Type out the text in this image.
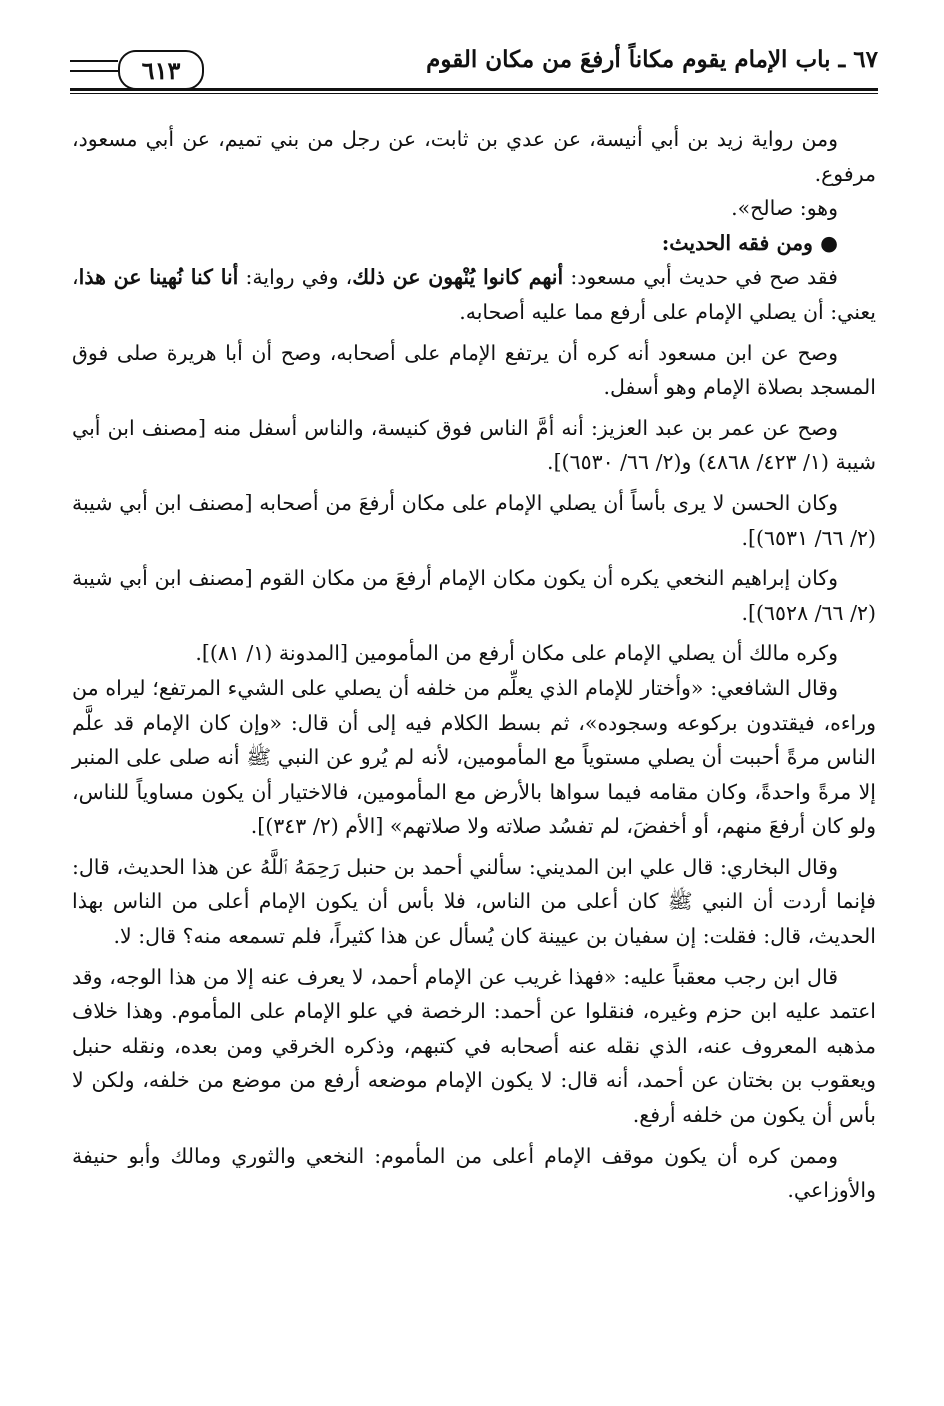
٦٧ ـ باب الإمام يقوم مكاناً أرفعَ من مكان القوم
٦١٣

ومن رواية زيد بن أبي أنيسة، عن عدي بن ثابت، عن رجل من بني تميم، عن أبي مسعود، مرفوع.

وهو: صالح».

● ومن فقه الحديث:

فقد صح في حديث أبي مسعود: أنهم كانوا يُنْهون عن ذلك، وفي رواية: أنا كنا نُهينا عن هذا، يعني: أن يصلي الإمام على أرفع مما عليه أصحابه.

وصح عن ابن مسعود أنه كره أن يرتفع الإمام على أصحابه، وصح أن أبا هريرة صلى فوق المسجد بصلاة الإمام وهو أسفل.

وصح عن عمر بن عبد العزيز: أنه أمَّ الناس فوق كنيسة، والناس أسفل منه [مصنف ابن أبي شيبة (١/ ٤٢٣/ ٤٨٦٨) و(٢/ ٦٦/ ٦٥٣٠)].

وكان الحسن لا يرى بأساً أن يصلي الإمام على مكان أرفعَ من أصحابه [مصنف ابن أبي شيبة (٢/ ٦٦/ ٦٥٣١)].

وكان إبراهيم النخعي يكره أن يكون مكان الإمام أرفعَ من مكان القوم [مصنف ابن أبي شيبة (٢/ ٦٦/ ٦٥٢٨)].

وكره مالك أن يصلي الإمام على مكان أرفع من المأمومين [المدونة (١/ ٨١)].

وقال الشافعي: «وأختار للإمام الذي يعلِّم من خلفه أن يصلي على الشيء المرتفع؛ ليراه من وراءه، فيقتدون بركوعه وسجوده»، ثم بسط الكلام فيه إلى أن قال: «وإن كان الإمام قد علَّم الناس مرةً أحببت أن يصلي مستوياً مع المأمومين، لأنه لم يُرو عن النبي ﷺ أنه صلى على المنبر إلا مرةً واحدةً، وكان مقامه فيما سواها بالأرض مع المأمومين، فالاختيار أن يكون مساوياً للناس، ولو كان أرفعَ منهم، أو أخفضَ، لم تفسُد صلاته ولا صلاتهم» [الأم (٢/ ٣٤٣)].

وقال البخاري: قال علي ابن المديني: سألني أحمد بن حنبل رَحِمَهُ ٱللَّهُ عن هذا الحديث، قال: فإنما أردت أن النبي ﷺ كان أعلى من الناس، فلا بأس أن يكون الإمام أعلى من الناس بهذا الحديث، قال: فقلت: إن سفيان بن عيينة كان يُسأل عن هذا كثيراً، فلم تسمعه منه؟ قال: لا.

قال ابن رجب معقباً عليه: «فهذا غريب عن الإمام أحمد، لا يعرف عنه إلا من هذا الوجه، وقد اعتمد عليه ابن حزم وغيره، فنقلوا عن أحمد: الرخصة في علو الإمام على المأموم. وهذا خلاف مذهبه المعروف عنه، الذي نقله عنه أصحابه في كتبهم، وذكره الخرقي ومن بعده، ونقله حنبل ويعقوب بن بختان عن أحمد، أنه قال: لا يكون الإمام موضعه أرفع من موضع من خلفه، ولكن لا بأس أن يكون من خلفه أرفع.

وممن كره أن يكون موقف الإمام أعلى من المأموم: النخعي والثوري ومالك وأبو حنيفة والأوزاعي.
